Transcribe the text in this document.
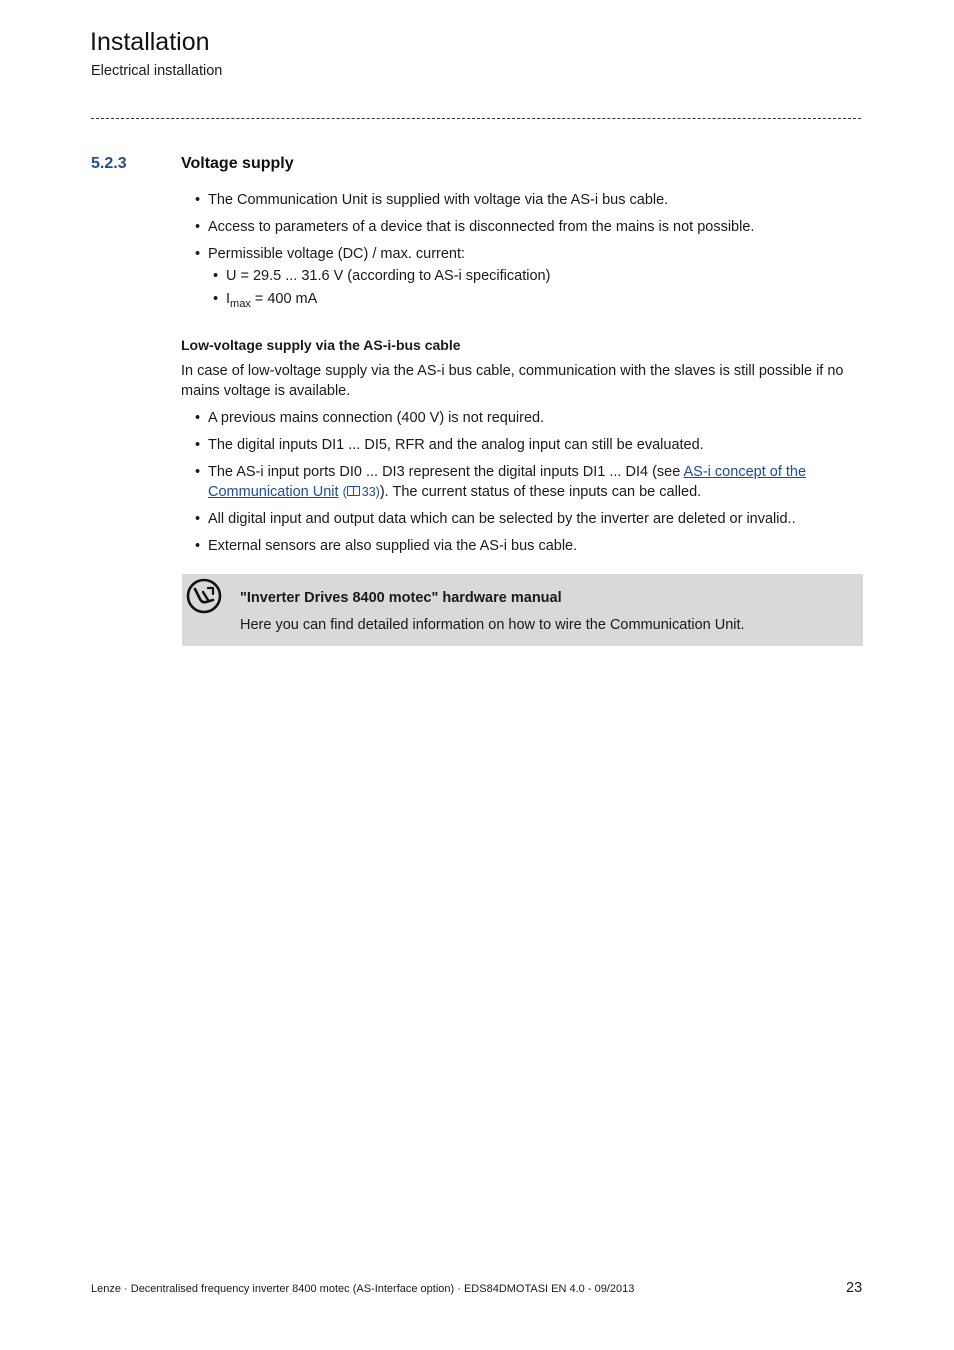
Installation
Electrical installation
5.2.3	Voltage supply
• The Communication Unit is supplied with voltage via the AS-i bus cable.
• Access to parameters of a device that is disconnected from the mains is not possible.
• Permissible voltage (DC) / max. current:
• U = 29.5 ... 31.6 V (according to AS-i specification)
• $I_{max} = 400$ mA
Low-voltage supply via the AS-i-bus cable
In case of low-voltage supply via the AS-i bus cable, communication with the slaves is still possible if no mains voltage is available.
• A previous mains connection (400 V) is not required.
• The digital inputs DI1 ... DI5, RFR and the analog input can still be evaluated.
• The AS-i input ports DI0 ... DI3 represent the digital inputs DI1 ... DI4 (see AS-i concept of the Communication Unit ( 33)). The current status of these inputs can be called.
• All digital input and output data which can be selected by the inverter are deleted or invalid..
• External sensors are also supplied via the AS-i bus cable.
"Inverter Drives 8400 motec" hardware manual
Here you can find detailed information on how to wire the Communication Unit.
Lenze · Decentralised frequency inverter 8400 motec (AS-Interface option) · EDS84DMOTASI EN 4.0 - 09/2013	23
